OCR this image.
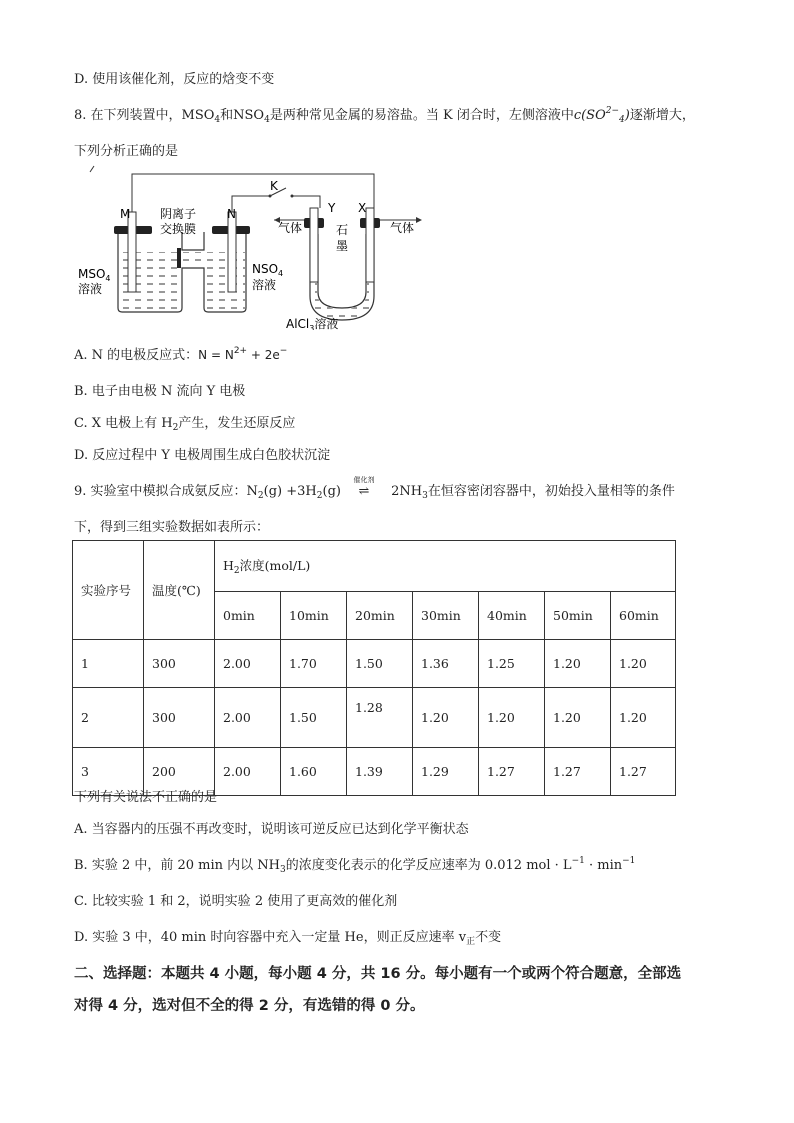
D. 使用该催化剂，反应的焓变不变
8. 在下列装置中，$MSO_4$和$NSO_4$是两种常见金属的易溶盐。当 K 闭合时，左侧溶液中$c(SO^{2-}_4)$逐渐增大，
下列分析正确的是
K
M	N	Y X
阴离子
交换膜
$MSO_4$
溶液
$NSO_4$
溶液
气体	气体
石
墨
AlCl$_3$溶液
A. N 的电极反应式：$N = N^{2+} + 2e^-$
B. 电子由电极 N 流向 Y 电极
C. X 电极上有 $H_2$产生，发生还原反应
D. 反应过程中 Y 电极周围生成白色胶状沉淀
9. 实验室中模拟合成氨反应：$N_2(g) +3H_2(g)$
催化剂
⇌ $2NH_3$在恒容密闭容器中，初始投入量相等的条件
下，得到三组实验数据如表所示：
实验序号	温度(℃)	$H_2$浓度(mol/L)						
		0min	10min	20min	30min	40min	50min	60min
1	300	2.00	1.70	1.50	1.36	1.25	1.20	1.20
2	300	2.00	1.50	1.28	1.20	1.20	1.20	1.20
3	200	2.00	1.60	1.39	1.29	1.27	1.27	1.27
下列有关说法不正确的是
A. 当容器内的压强不再改变时，说明该可逆反应已达到化学平衡状态
B. 实验 2 中，前 20 min 内以 $NH_3$的浓度变化表示的化学反应速率为 0.012 mol · $L^{-1} \cdot \min^{-1}$
C. 比较实验 1 和 2，说明实验 2 使用了更高效的催化剂
D. 实验 3 中，40 min 时向容器中充入一定量 He，则正反应速率 $v_正$不变
二、选择题：本题共 4 小题，每小题 4 分，共 16 分。每小题有一个或两个符合题意，全部选
对得 4 分，选对但不全的得 2 分，有选错的得 0 分。
